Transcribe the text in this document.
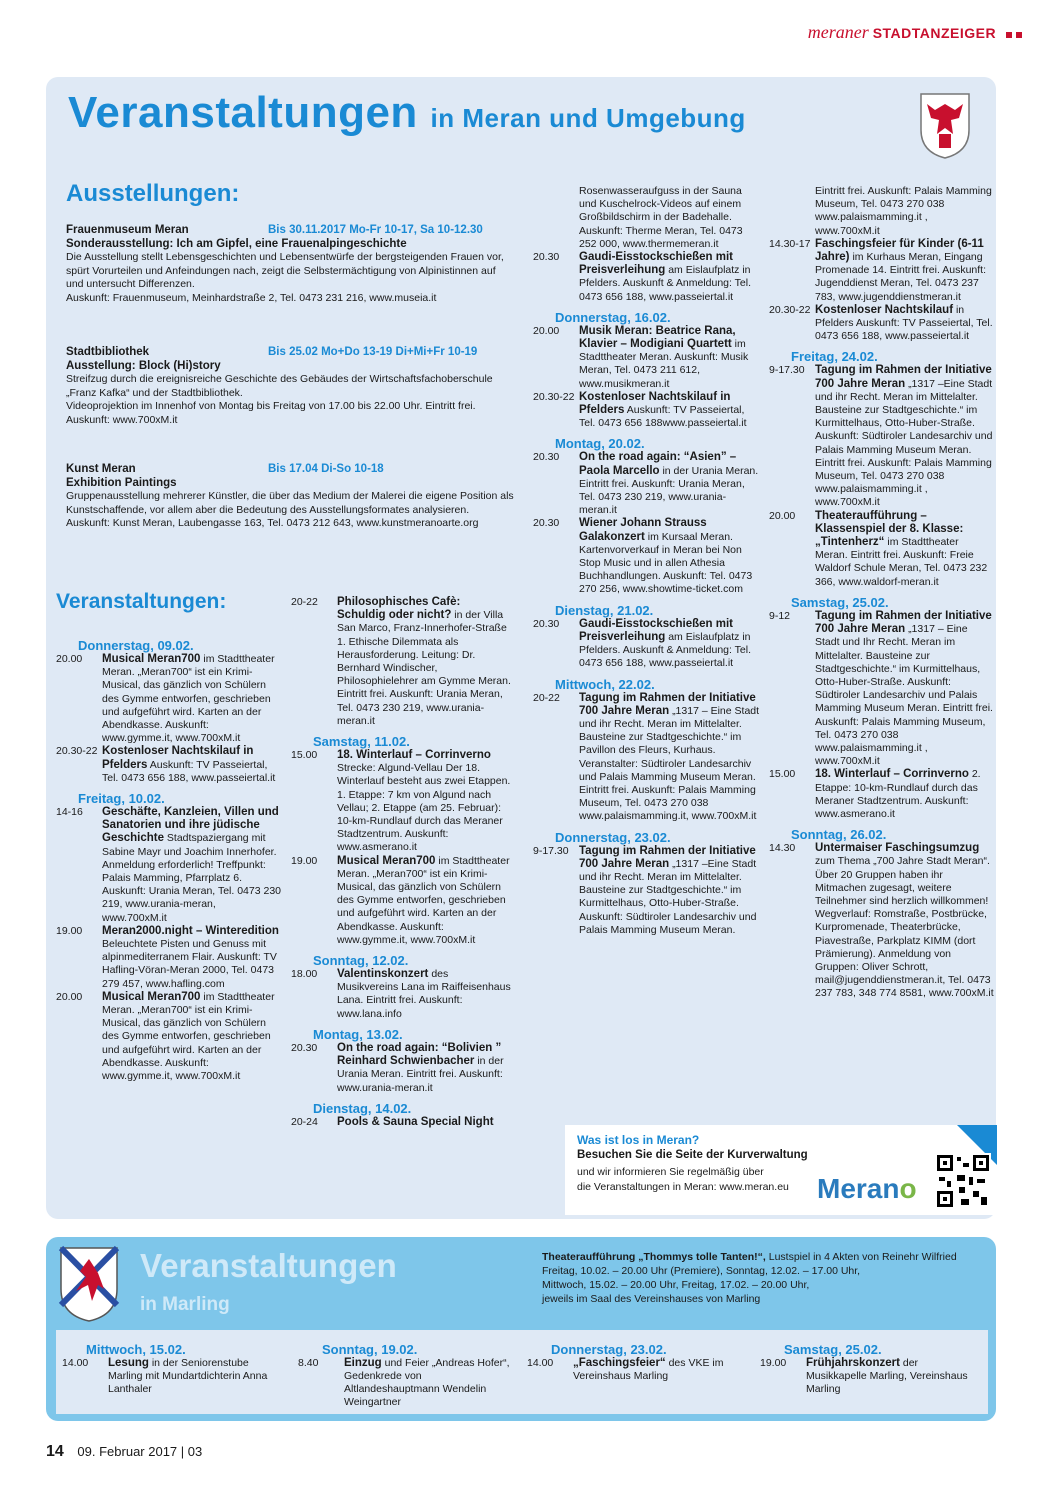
meraner STADTANZEIGER
Veranstaltungen in Meran und Umgebung
Ausstellungen:
Frauenmuseum Meran	Bis 30.11.2017 Mo-Fr 10-17, Sa 10-12.30
Sonderausstellung: Ich am Gipfel, eine Frauenalpingeschichte
Die Ausstellung stellt Lebensgeschichten und Lebensentwürfe der bergsteigenden Frauen vor, spürt Vorurteilen und Anfeindungen nach, zeigt die Selbstermächtigung von Alpinistinnen auf und untersucht Differenzen.
Auskunft: Frauenmuseum, Meinhardstraße 2, Tel. 0473 231 216, www.museia.it
Stadtbibliothek	Bis 25.02 Mo+Do 13-19 Di+Mi+Fr 10-19
Ausstellung: Block (Hi)story
Streifzug durch die ereignisreiche Geschichte des Gebäudes der Wirtschaftsfachoberschule „Franz Kafka“ und der Stadtbibliothek.
Videoprojektion im Innenhof von Montag bis Freitag von 17.00 bis 22.00 Uhr. Eintritt frei. Auskunft: www.700xM.it
Kunst Meran	Bis 17.04 Di-So 10-18
Exhibition Paintings
Gruppenausstellung mehrerer Künstler, die über das Medium der Malerei die eigene Position als Kunstschaffende, vor allem aber die Bedeutung des Ausstellungsformates analysieren.
Auskunft: Kunst Meran, Laubengasse 163, Tel. 0473 212 643, www.kunstmeranoarte.org
Veranstaltungen:
Donnerstag, 09.02.
20.00	Musical Meran700 im Stadttheater Meran. „Meran700“ ist ein Krimi-Musical, das gänzlich von Schülern des Gymme entworfen, geschrieben und aufgeführt wird. Karten an der Abendkasse. Auskunft: www.gymme.it, www.700xM.it
20.30-22 Kostenloser Nachtskilauf in Pfelders Auskunft: TV Passeiertal, Tel. 0473 656 188, www.passeiertal.it
Freitag, 10.02.
14-16	Geschäfte, Kanzleien, Villen und Sanatorien und ihre jüdische Geschichte Stadtspaziergang mit Sabine Mayr und Joachim Innerhofer. Anmeldung erforderlich! Treffpunkt: Palais Mamming, Pfarrplatz 6. Auskunft: Urania Meran, Tel. 0473 230 219, www.urania-meran, www.700xM.it
19.00	Meran2000.night – Winteredition Beleuchtete Pisten und Genuss mit alpinmediterranem Flair. Auskunft: TV Hafling-Vöran-Meran 2000, Tel. 0473 279 457, www.hafling.com
20.00	Musical Meran700 im Stadttheater Meran. „Meran700“ ist ein Krimi-Musical, das gänzlich von Schülern des Gymme entworfen, geschrieben und aufgeführt wird. Karten an der Abendkasse. Auskunft: www.gymme.it, www.700xM.it
20-22	Philosophisches Cafè: Schuldig oder nicht? in der Villa San Marco, Franz-Innerhofer-Straße 1. Ethische Dilemmata als Herausforderung. Leitung: Dr. Bernhard Windischer, Philosophielehrer am Gymme Meran. Eintritt frei. Auskunft: Urania Meran, Tel. 0473 230 219, www.urania-meran.it
Samstag, 11.02.
15.00	18. Winterlauf – Corrinverno Strecke: Algund-Vellau Der 18. Winterlauf besteht aus zwei Etappen. 1. Etappe: 7 km von Algund nach Vellau; 2. Etappe (am 25. Februar): 10-km-Rundlauf durch das Meraner Stadtzentrum. Auskunft: www.asmerano.it
19.00	Musical Meran700 im Stadttheater Meran. „Meran700“ ist ein Krimi-Musical, das gänzlich von Schülern des Gymme entworfen, geschrieben und aufgeführt wird. Karten an der Abendkasse. Auskunft: www.gymme.it, www.700xM.it
Sonntag, 12.02.
18.00	Valentinskonzert des Musikvereins Lana im Raiffeisenhaus Lana. Eintritt frei. Auskunft: www.lana.info
Montag, 13.02.
20.30	On the road again: “Bolivien ” Reinhard Schwienbacher in der Urania Meran. Eintritt frei. Auskunft: www.urania-meran.it
Dienstag, 14.02.
20-24	Pools & Sauna Special Night
Rosenwasseraufguss in der Sauna und Kuschelrock-Videos auf einem Großbildschirm in der Badehalle. Auskunft: Therme Meran, Tel. 0473 252 000, www.thermemeran.it
20.30	Gaudi-Eisstockschießen mit Preisverleihung am Eislaufplatz in Pfelders. Auskunft & Anmeldung: Tel. 0473 656 188, www.passeiertal.it
Donnerstag, 16.02.
20.00	Musik Meran: Beatrice Rana, Klavier – Modigiani Quartett im Stadttheater Meran. Auskunft: Musik Meran, Tel. 0473 211 612, www.musikmeran.it
20.30-22 Kostenloser Nachtskilauf in Pfelders Auskunft: TV Passeiertal, Tel. 0473 656 188www.passeiertal.it
Montag, 20.02.
20.30	On the road again: “Asien” – Paola Marcello in der Urania Meran. Eintritt frei. Auskunft: Urania Meran, Tel. 0473 230 219, www.urania-meran.it
20.30	Wiener Johann Strauss Galakonzert im Kursaal Meran. Kartenvorverkauf in Meran bei Non Stop Music und in allen Athesia Buchhandlungen. Auskunft: Tel. 0473 270 256, www.showtime-ticket.com
Dienstag, 21.02.
20.30	Gaudi-Eisstockschießen mit Preisverleihung am Eislaufplatz in Pfelders. Auskunft & Anmeldung: Tel. 0473 656 188, www.passeiertal.it
Mittwoch, 22.02.
20-22	Tagung im Rahmen der Initiative 700 Jahre Meran „1317 – Eine Stadt und ihr Recht. Meran im Mittelalter. Bausteine zur Stadtgeschichte.“ im Pavillon des Fleurs, Kurhaus. Veranstalter: Südtiroler Landesarchiv und Palais Mamming Museum Meran. Eintritt frei. Auskunft: Palais Mamming Museum, Tel. 0473 270 038 www.palaismamming.it, www.700xM.it
Donnerstag, 23.02.
9-17.30 Tagung im Rahmen der Initiative 700 Jahre Meran „1317 –Eine Stadt und ihr Recht. Meran im Mittelalter. Bausteine zur Stadtgeschichte.“ im Kurmittelhaus, Otto-Huber-Straße. Auskunft: Südtiroler Landesarchiv und Palais Mamming Museum Meran.
Eintritt frei. Auskunft: Palais Mamming Museum, Tel. 0473 270 038 www.palaismamming.it , www.700xM.it
14.30-17 Faschingsfeier für Kinder (6-11 Jahre) im Kurhaus Meran, Eingang Promenade 14. Eintritt frei. Auskunft: Jugenddienst Meran, Tel. 0473 237 783, www.jugenddienstmeran.it
20.30-22 Kostenloser Nachtskilauf in Pfelders Auskunft: TV Passeiertal, Tel. 0473 656 188, www.passeiertal.it
Freitag, 24.02.
9-17.30 Tagung im Rahmen der Initiative 700 Jahre Meran „1317 –Eine Stadt und ihr Recht. Meran im Mittelalter. Bausteine zur Stadtgeschichte.“ im Kurmittelhaus, Otto-Huber-Straße. Auskunft: Südtiroler Landesarchiv und Palais Mamming Museum Meran. Eintritt frei. Auskunft: Palais Mamming Museum, Tel. 0473 270 038 www.palaismamming.it , www.700xM.it
20.00	Theateraufführung – Klassenspiel der 8. Klasse: „Tintenherz“ im Stadttheater Meran. Eintritt frei. Auskunft: Freie Waldorf Schule Meran, Tel. 0473 232 366, www.waldorf-meran.it
Samstag, 25.02.
9-12	Tagung im Rahmen der Initiative 700 Jahre Meran „1317 – Eine Stadt und Ihr Recht. Meran im Mittelalter. Bausteine zur Stadtgeschichte.“ im Kurmittelhaus, Otto-Huber-Straße. Auskunft: Südtiroler Landesarchiv und Palais Mamming Museum Meran. Eintritt frei. Auskunft: Palais Mamming Museum, Tel. 0473 270 038 www.palaismamming.it , www.700xM.it
15.00	18. Winterlauf – Corrinverno 2. Etappe: 10-km-Rundlauf durch das Meraner Stadtzentrum. Auskunft: www.asmerano.it
Sonntag, 26.02.
14.30	Untermaiser Faschingsumzug zum Thema „700 Jahre Stadt Meran“. Über 20 Gruppen haben ihr Mitmachen zugesagt, weitere Teilnehmer sind herzlich willkommen! Wegverlauf: Romstraße, Postbrücke, Kurpromenade, Theaterbrücke, Piavestraße, Parkplatz KIMM (dort Prämierung). Anmeldung von Gruppen: Oliver Schrott, mail@jugenddienstmeran.it, Tel. 0473 237 783, 348 774 8581, www.700xM.it
Was ist los in Meran?
Besuchen Sie die Seite der Kurverwaltung
und wir informieren Sie regelmäßig über
die Veranstaltungen in Meran: www.meran.eu Merano
Veranstaltungen
in Marling
Theateraufführung „Thommys tolle Tanten!“, Lustspiel in 4 Akten von Reinehr Wilfried
Freitag, 10.02. – 20.00 Uhr (Premiere), Sonntag, 12.02. – 17.00 Uhr,
Mittwoch, 15.02. – 20.00 Uhr, Freitag, 17.02. – 20.00 Uhr,
jeweils im Saal des Vereinshauses von Marling
Mittwoch, 15.02.
14.00	Lesung in der Seniorenstube Marling mit Mundartdichterin Anna Lanthaler
Sonntag, 19.02.
8.40	Einzug und Feier „Andreas Hofer“, Gedenkrede von Altlandeshauptmann Wendelin Weingartner
Donnerstag, 23.02.
14.00	„Faschingsfeier“ des VKE im Vereinshaus Marling
Samstag, 25.02.
19.00	Frühjahrskonzert der Musikkapelle Marling, Vereinshaus Marling
14 09. Februar 2017 | 03
